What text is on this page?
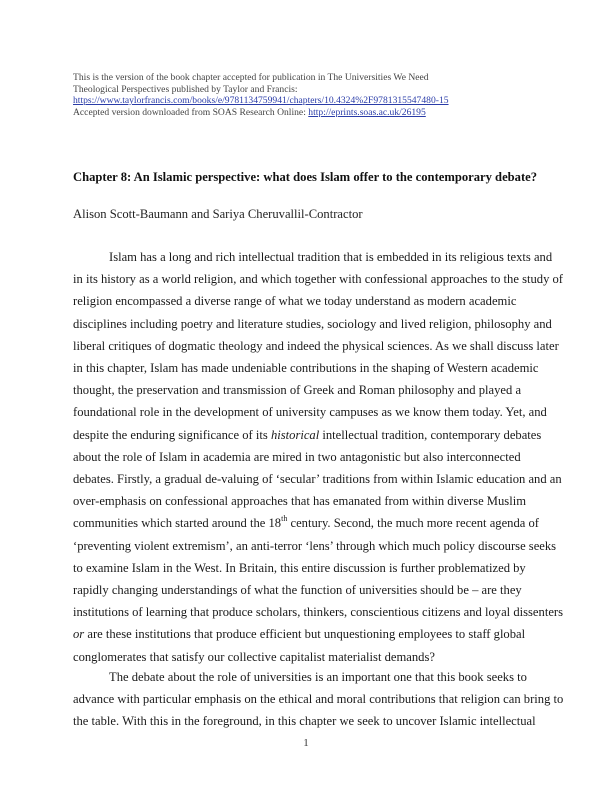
This is the version of the book chapter accepted for publication in The Universities We Need
Theological Perspectives published by Taylor and Francis:
https://www.taylorfrancis.com/books/e/9781134759941/chapters/10.4324%2F9781315547480-15
Accepted version downloaded from SOAS Research Online: http://eprints.soas.ac.uk/26195
Chapter 8: An Islamic perspective: what does Islam offer to the contemporary debate?
Alison Scott-Baumann and Sariya Cheruvallil-Contractor
Islam has a long and rich intellectual tradition that is embedded in its religious texts and
in its history as a world religion, and which together with confessional approaches to the study of
religion encompassed a diverse range of what we today understand as modern academic
disciplines including poetry and literature studies, sociology and lived religion, philosophy and
liberal critiques of dogmatic theology and indeed the physical sciences. As we shall discuss later
in this chapter, Islam has made undeniable contributions in the shaping of Western academic
thought, the preservation and transmission of Greek and Roman philosophy and played a
foundational role in the development of university campuses as we know them today. Yet, and
despite the enduring significance of its historical intellectual tradition, contemporary debates
about the role of Islam in academia are mired in two antagonistic but also interconnected
debates. Firstly, a gradual de-valuing of ‘secular’ traditions from within Islamic education and an
over-emphasis on confessional approaches that has emanated from within diverse Muslim
communities which started around the 18th century. Second, the much more recent agenda of
‘preventing violent extremism’, an anti-terror ‘lens’ through which much policy discourse seeks
to examine Islam in the West. In Britain, this entire discussion is further problematized by
rapidly changing understandings of what the function of universities should be – are they
institutions of learning that produce scholars, thinkers, conscientious citizens and loyal dissenters
or are these institutions that produce efficient but unquestioning employees to staff global
conglomerates that satisfy our collective capitalist materialist demands?
The debate about the role of universities is an important one that this book seeks to
advance with particular emphasis on the ethical and moral contributions that religion can bring to
the table. With this in the foreground, in this chapter we seek to uncover Islamic intellectual
1
